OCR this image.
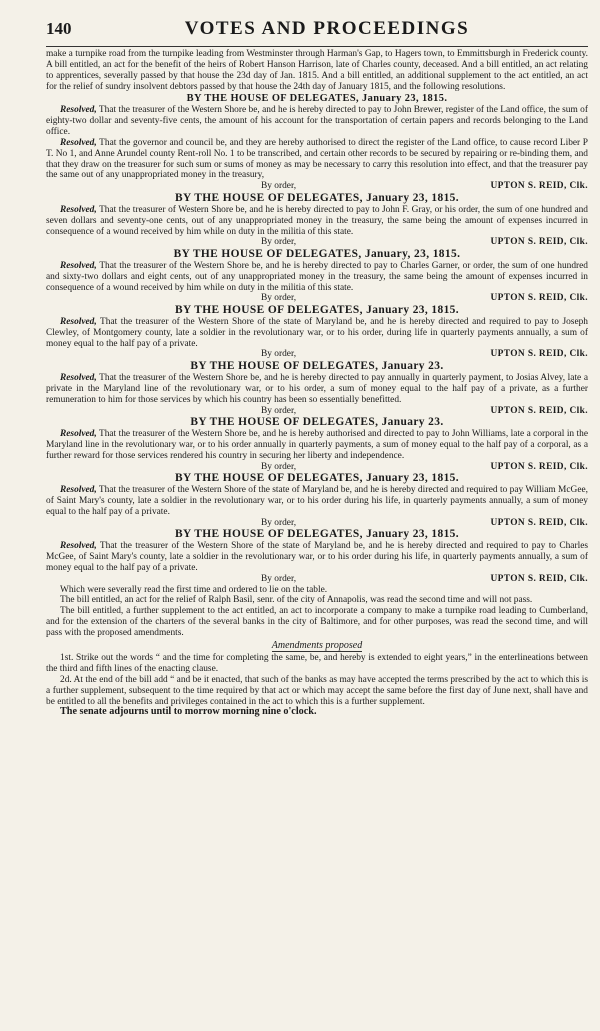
140	VOTES AND PROCEEDINGS

make a turnpike road from the turnpike leading from Westminster through Harman's Gap, to Hagers town, to Emmittsburgh in Frederick county. A bill entitled, an act for the benefit of the heirs of Robert Hanson Harrison, late of Charles county, deceased. And a bill entitled, an act relating to apprentices, severally passed by that house the 23d day of Jan. 1815. And a bill entitled, an additional supplement to the act entitled, an act for the relief of sundry insolvent debtors passed by that house the 24th day of January 1815, and the following resolutions.

BY THE HOUSE OF DELEGATES, January 23, 1815.

Resolved, That the treasurer of the Western Shore be, and he is hereby directed to pay to John Brewer, register of the Land office, the sum of eighty-two dollar and seventy-five cents, the amount of his account for the transportation of certain papers and records belonging to the Land office.

Resolved, That the governor and council be, and they are hereby authorised to direct the register of the Land office, to cause record Liber P T. No 1, and Anne Arundel county Rent-roll No. 1 to be transcribed, and certain other records to be secured by repairing or re-binding them, and that they draw on the treasurer for such sum or sums of money as may be necessary to carry this resolution into effect, and that the treasurer pay the same out of any unappropriated money in the treasury,

By order,	UPTON S. REID, Clk.
BY THE HOUSE OF DELEGATES, January 23, 1815.

Resolved, That the treasurer of Western Shore be, and he is hereby directed to pay to John F. Gray, or his order, the sum of one hundred and seven dollars and seventy-one cents, out of any unappropriated money in the treasury, the same being the amount of expenses incurred in consequence of a wound received by him while on duty in the militia of this state.

By order,	UPTON S. REID, Clk.
BY THE HOUSE OF DELEGATES, January, 23, 1815.

Resolved, That the treasurer of the Western Shore be, and he is hereby directed to pay to Charles Garner, or order, the sum of one hundred and sixty-two dollars and eight cents, out of any unappropriated money in the treasury, the same being the amount of expenses incurred in consequence of a wound received by him while on duty in the militia of this state.

By order,	UPTON S. REID, Clk.
BY THE HOUSE OF DELEGATES, January 23, 1815.

Resolved, That the treasurer of the Western Shore of the state of Maryland be, and he is hereby directed and required to pay to Joseph Clewley, of Montgomery county, late a soldier in the revolutionary war, or to his order, during life in quarterly payments annually, a sum of money equal to the half pay of a private.

By order,	UPTON S. REID, Clk.
BY THE HOUSE OF DELEGATES, January 23.

Resolved, That the treasurer of the Western Shore be, and he is hereby directed to pay annually in quarterly payment, to Josias Alvey, late a private in the Maryland line of the revolutionary war, or to his order, a sum of money equal to the half pay of a private, as a further remuneration to him for those services by which his country has been so essentially benefitted.

By order,	UPTON S. REID, Clk.
BY THE HOUSE OF DELEGATES, January 23.

Resolved, That the treasurer of the Western Shore be, and he is hereby authorised and directed to pay to John Williams, late a corporal in the Maryland line in the revolutionary war, or to his order annually in quarterly payments, a sum of money equal to the half pay of a corporal, as a further reward for those services rendered his country in securing her liberty and independence.

By order,	UPTON S. REID, Clk.
BY THE HOUSE OF DELEGATES, January 23, 1815.

Resolved, That the treasurer of the Western Shore of the state of Maryland be, and he is hereby directed and required to pay William McGee, of Saint Mary's county, late a soldier in the revolutionary war, or to his order during his life, in quarterly payments annually, a sum of money equal to the half pay of a private.

By order,	UPTON S. REID, Clk.
BY THE HOUSE OF DELEGATES, January 23, 1815.

Resolved, That the treasurer of the Western Shore of the state of Maryland be, and he is hereby directed and required to pay to Charles McGee, of Saint Mary's county, late a soldier in the revolutionary war, or to his order during his life, in quarterly payments annually, a sum of money equal to the half pay of a private.

By order,	UPTON S. REID, Clk.

Which were severally read the first time and ordered to lie on the table.

The bill entitled, an act for the relief of Ralph Basil, senr. of the city of Annapolis, was read the second time and will not pass.

The bill entitled, a further supplement to the act entitled, an act to incorporate a company to make a turnpike road leading to Cumberland, and for the extension of the charters of the several banks in the city of Baltimore, and for other purposes, was read the second time, and will pass with the proposed amendments.

Amendments proposed

1st. Strike out the words “ and the time for completing the same, be, and hereby is extended to eight years,” in the enterlineations between the third and fifth lines of the enacting clause.

2d. At the end of the bill add “ and be it enacted, that such of the banks as may have accepted the terms prescribed by the act to which this is a further supplement, subsequent to the time required by that act or which may accept the same before the first day of June next, shall have and be entitled to all the benefits and privileges contained in the act to which this is a further supplement.

The senate adjourns until to morrow morning nine o'clock.
